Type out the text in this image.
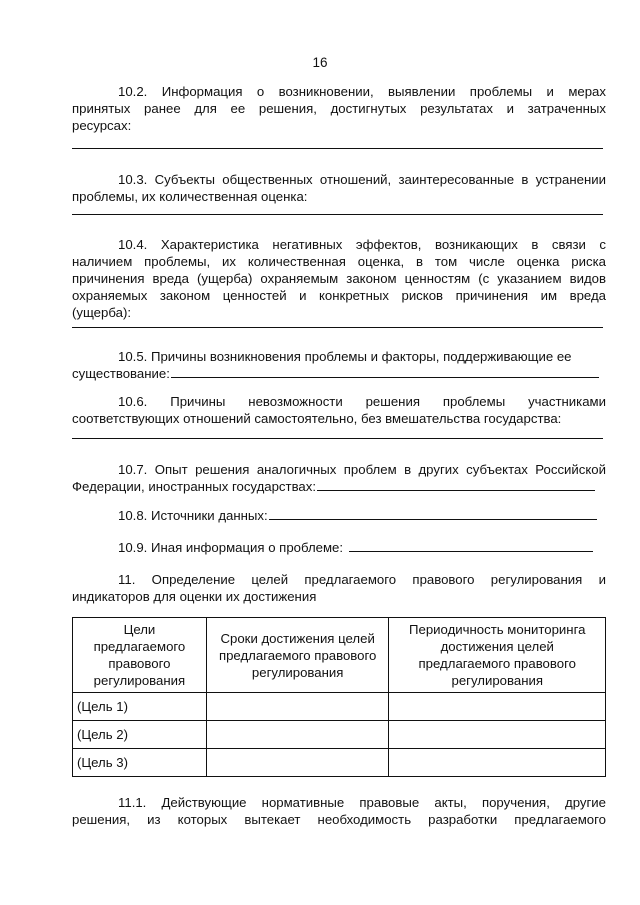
16
10.2. Информация о возникновении, выявлении проблемы и мерах
принятых ранее для ее решения, достигнутых результатах и затраченных
ресурсах:
10.3. Субъекты общественных отношений, заинтересованные в устранении
проблемы, их количественная оценка:
10.4. Характеристика негативных эффектов, возникающих в связи с
наличием проблемы, их количественная оценка, в том числе оценка риска
причинения вреда (ущерба) охраняемым законом ценностям (с указанием видов
охраняемых законом ценностей и конкретных рисков причинения им вреда
(ущерба):
10.5. Причины возникновения проблемы и факторы, поддерживающие ее
существование:
10.6. Причины невозможности решения проблемы участниками
соответствующих отношений самостоятельно, без вмешательства государства:
10.7. Опыт решения аналогичных проблем в других субъектах Российской
Федерации, иностранных государствах:
10.8. Источники данных:
10.9. Иная информация о проблеме:
11. Определение целей предлагаемого правового регулирования и
индикаторов для оценки их достижения
Цели предлагаемого правового регулирования	Сроки достижения целей предлагаемого правового регулирования	Периодичность мониторинга достижения целей предлагаемого правового регулирования
(Цель 1)		
(Цель 2)		
(Цель 3)		
11.1. Действующие нормативные правовые акты, поручения, другие
решения, из которых вытекает необходимость разработки предлагаемого
